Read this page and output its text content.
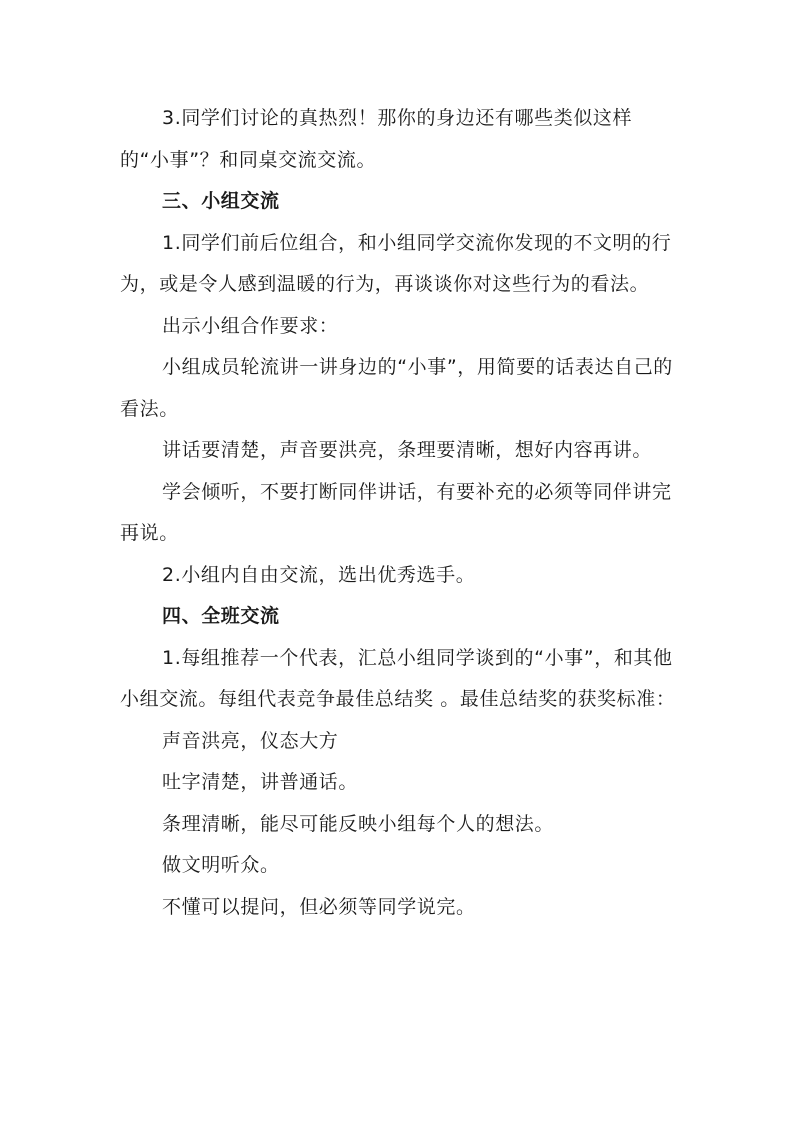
3.同学们讨论的真热烈！那你的身边还有哪些类似这样的“小事”？和同桌交流交流。

三、小组交流

1.同学们前后位组合，和小组同学交流你发现的不文明的行为，或是令人感到温暖的行为，再谈谈你对这些行为的看法。

出示小组合作要求：

小组成员轮流讲一讲身边的“小事”，用简要的话表达自己的看法。

讲话要清楚，声音要洪亮，条理要清晰，想好内容再讲。

学会倾听，不要打断同伴讲话，有要补充的必须等同伴讲完再说。

2.小组内自由交流，选出优秀选手。

四、全班交流

1.每组推荐一个代表，汇总小组同学谈到的“小事”，和其他小组交流。每组代表竞争最佳总结奖 。最佳总结奖的获奖标准：

声音洪亮，仪态大方

吐字清楚，讲普通话。

条理清晰，能尽可能反映小组每个人的想法。

做文明听众。

不懂可以提问，但必须等同学说完。
